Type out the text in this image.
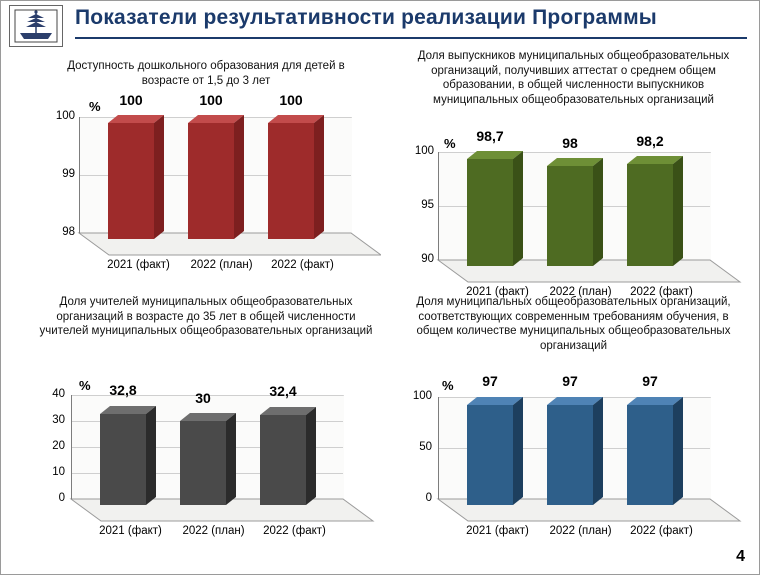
Показатели результативности реализации Программы
Доступность дошкольного образования для детей в возрасте от 1,5 до 3 лет
%
100
99
98
100	100	100
2021 (факт)	2022 (план)	2022 (факт)
Доля выпускников муниципальных общеобразовательных организаций, получивших аттестат о среднем общем образовании, в общей численности выпускников муниципальных общеобразовательных организаций
%
100
95
90
98,7	98	98,2
2021 (факт)	2022 (план)	2022 (факт)
Доля учителей муниципальных общеобразовательных организаций в возрасте до 35 лет в общей численности учителей муниципальных общеобразовательных организаций
%
40
30
20
10
0
32,8	30	32,4
2021 (факт)	2022 (план)	2022 (факт)
Доля муниципальных общеобразовательных организаций, соответствующих современным требованиям обучения, в общем количестве муниципальных общеобразовательных организаций
%
100
50
0
97	97	97
2021 (факт)	2022 (план)	2022 (факт)
4
